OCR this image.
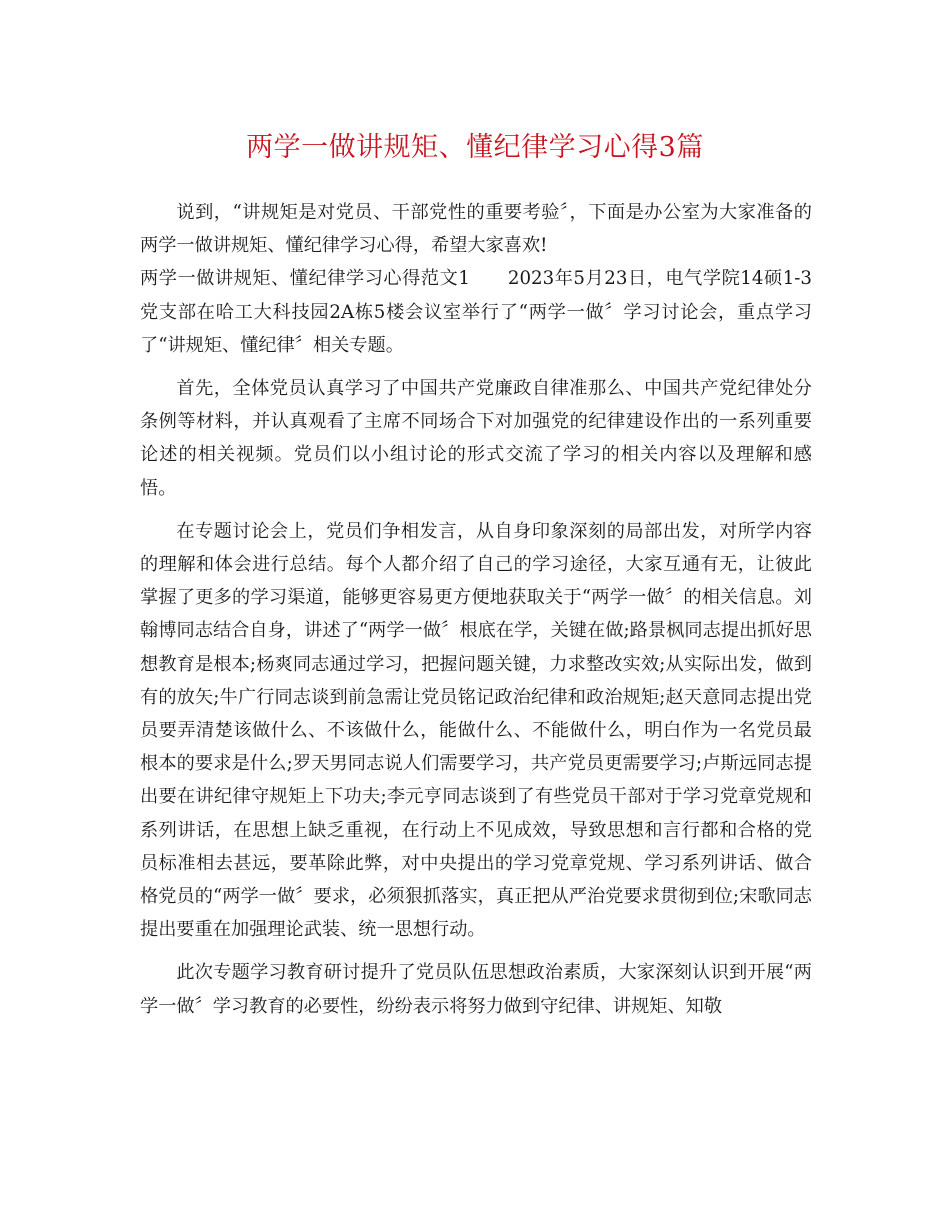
两学一做讲规矩、懂纪律学习心得3篇

说到，“讲规矩是对党员、干部党性的重要考验〞，下面是办公室为大家准备的两学一做讲规矩、懂纪律学习心得，希望大家喜欢!

两学一做讲规矩、懂纪律学习心得范文1　　2023年5月23日，电气学院14硕1-3党支部在哈工大科技园2A栋5楼会议室举行了“两学一做〞学习讨论会，重点学习了“讲规矩、懂纪律〞相关专题。

首先，全体党员认真学习了中国共产党廉政自律准那么、中国共产党纪律处分条例等材料，并认真观看了主席不同场合下对加强党的纪律建设作出的一系列重要论述的相关视频。党员们以小组讨论的形式交流了学习的相关内容以及理解和感悟。

在专题讨论会上，党员们争相发言，从自身印象深刻的局部出发，对所学内容的理解和体会进行总结。每个人都介绍了自己的学习途径，大家互通有无，让彼此掌握了更多的学习渠道，能够更容易更方便地获取关于“两学一做〞的相关信息。刘翰博同志结合自身，讲述了“两学一做〞根底在学，关键在做;路景枫同志提出抓好思想教育是根本;杨爽同志通过学习，把握问题关键，力求整改实效;从实际出发，做到有的放矢;牛广行同志谈到前急需让党员铭记政治纪律和政治规矩;赵天意同志提出党员要弄清楚该做什么、不该做什么，能做什么、不能做什么，明白作为一名党员最根本的要求是什么;罗天男同志说人们需要学习，共产党员更需要学习;卢斯远同志提出要在讲纪律守规矩上下功夫;李元亨同志谈到了有些党员干部对于学习党章党规和系列讲话，在思想上缺乏重视，在行动上不见成效，导致思想和言行都和合格的党员标准相去甚远，要革除此弊，对中央提出的学习党章党规、学习系列讲话、做合格党员的“两学一做〞要求，必须狠抓落实，真正把从严治党要求贯彻到位;宋歌同志提出要重在加强理论武装、统一思想行动。

此次专题学习教育研讨提升了党员队伍思想政治素质，大家深刻认识到开展“两学一做〞学习教育的必要性，纷纷表示将努力做到守纪律、讲规矩、知敬
